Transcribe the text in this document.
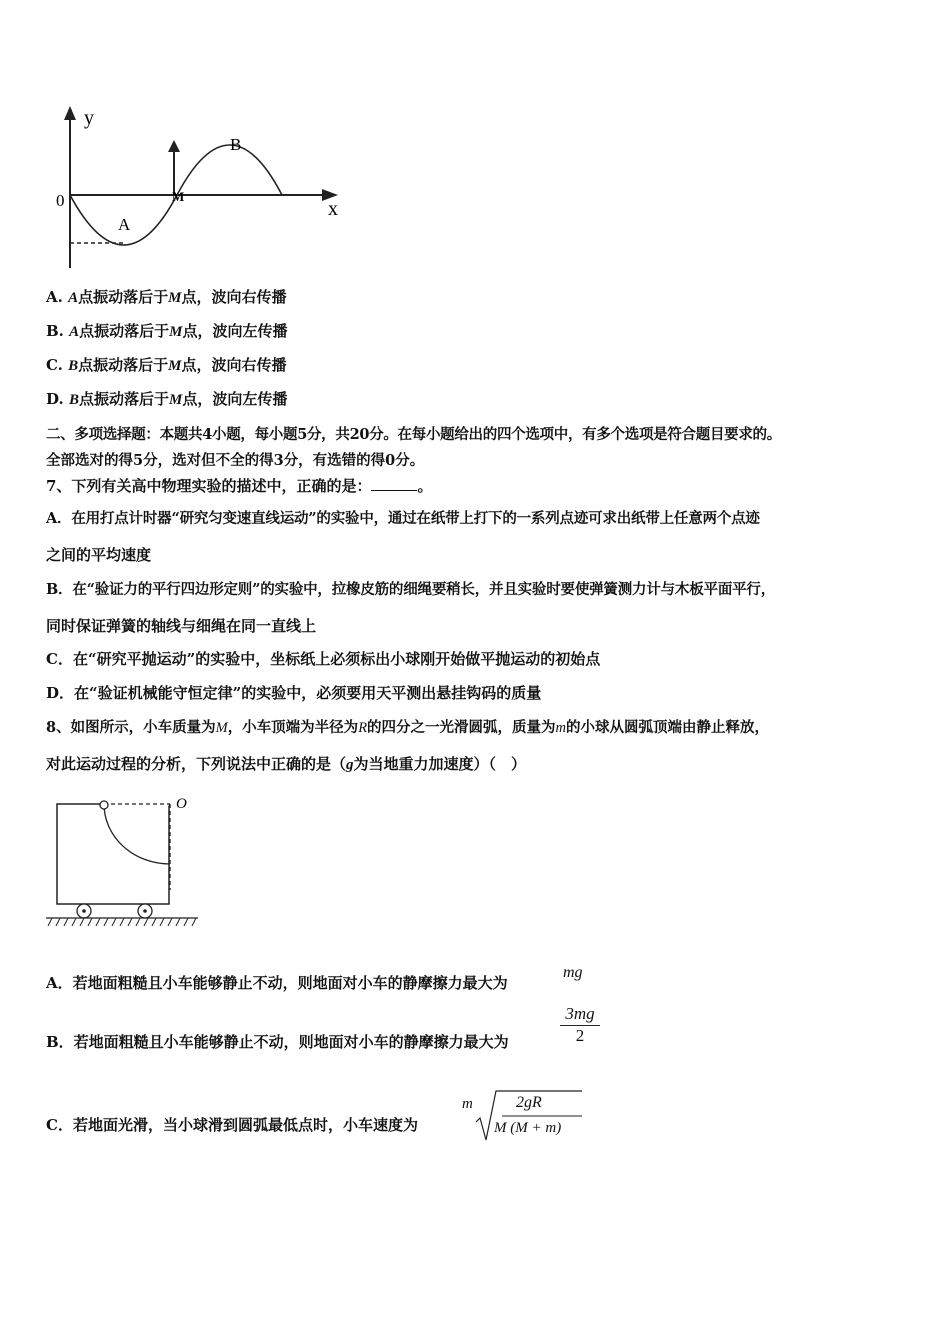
y
x
0
A
B
M
A. A点振动落后于M点，波向右传播
B. A点振动落后于M点，波向左传播
C. B点振动落后于M点，波向右传播
D. B点振动落后于M点，波向左传播
二、多项选择题：本题共4小题，每小题5分，共20分。在每小题给出的四个选项中，有多个选项是符合题目要求的。
全部选对的得5分，选对但不全的得3分，有选错的得0分。
7、下列有关高中物理实验的描述中，正确的是：	。
A．在用打点计时器“研究匀变速直线运动”的实验中，通过在纸带上打下的一系列点迹可求出纸带上任意两个点迹
之间的平均速度
B．在“验证力的平行四边形定则”的实验中，拉橡皮筋的细绳要稍长，并且实验时要使弹簧测力计与木板平面平行，
同时保证弹簧的轴线与细绳在同一直线上
C．在“研究平抛运动”的实验中，坐标纸上必须标出小球刚开始做平抛运动的初始点
D．在“验证机械能守恒定律”的实验中，必须要用天平测出悬挂钩码的质量
8、如图所示，小车质量为M，小车顶端为半径为R的四分之一光滑圆弧，质量为m的小球从圆弧顶端由静止释放，
对此运动过程的分析，下列说法中正确的是（g为当地重力加速度）（　）
O
A．若地面粗糙且小车能够静止不动，则地面对小车的静摩擦力最大为
mg
B．若地面粗糙且小车能够静止不动，则地面对小车的静摩擦力最大为	$\frac{3mg}{2}$
C．若地面光滑，当小球滑到圆弧最低点时，小车速度为
m	2gR
M (M + m)
